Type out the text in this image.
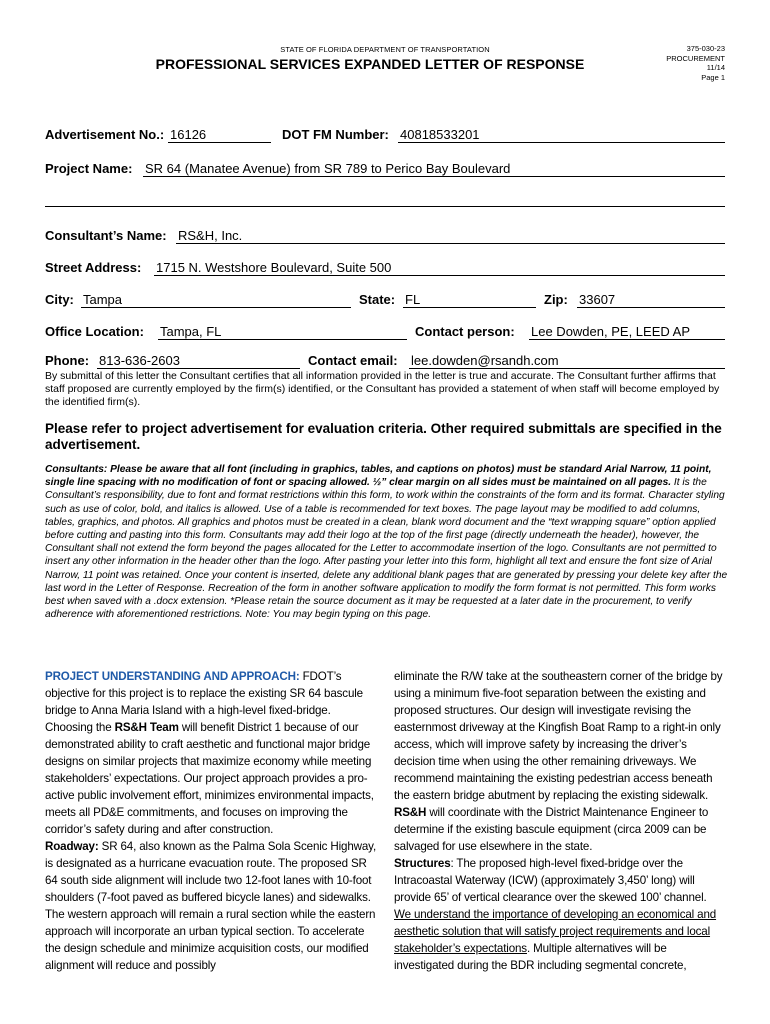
STATE OF FLORIDA DEPARTMENT OF TRANSPORTATION
PROFESSIONAL SERVICES EXPANDED LETTER OF RESPONSE
375-030-23
PROCUREMENT
11/14
Page 1
Advertisement No.: 16126	DOT FM Number: 40818533201
Project Name: SR 64 (Manatee Avenue) from SR 789 to Perico Bay Boulevard
Consultant’s Name: RS&H, Inc.
Street Address: 1715 N. Westshore Boulevard, Suite 500
City: Tampa	State: FL	Zip: 33607
Office Location: Tampa, FL	Contact person: Lee Dowden, PE, LEED AP
Phone: 813-636-2603	Contact email: lee.dowden@rsandh.com
By submittal of this letter the Consultant certifies that all information provided in the letter is true and accurate. The Consultant further affirms that staff proposed are currently employed by the firm(s) identified, or the Consultant has provided a statement of when staff will become employed by the identified firm(s).
Please refer to project advertisement for evaluation criteria. Other required submittals are specified in the advertisement.
Consultants: Please be aware that all font (including in graphics, tables, and captions on photos) must be standard Arial Narrow, 11 point, single line spacing with no modification of font or spacing allowed. ½” clear margin on all sides must be maintained on all pages. It is the Consultant’s responsibility, due to font and format restrictions within this form, to work within the constraints of the form and its format. Character styling such as use of color, bold, and italics is allowed. Use of a table is recommended for text boxes. The page layout may be modified to add columns, tables, graphics, and photos. All graphics and photos must be created in a clean, blank word document and the “text wrapping square” option applied before cutting and pasting into this form. Consultants may add their logo at the top of the first page (directly underneath the header), however, the Consultant shall not extend the form beyond the pages allocated for the Letter to accommodate insertion of the logo. Consultants are not permitted to insert any other information in the header other than the logo. After pasting your letter into this form, highlight all text and ensure the font size of Arial Narrow, 11 point was retained. Once your content is inserted, delete any additional blank pages that are generated by pressing your delete key after the last word in the Letter of Response. Recreation of the form in another software application to modify the form format is not permitted. This form works best when saved with a .docx extension. *Please retain the source document as it may be requested at a later date in the procurement, to verify adherence with aforementioned restrictions. Note: You may begin typing on this page.
PROJECT UNDERSTANDING AND APPROACH: FDOT’s objective for this project is to replace the existing SR 64 bascule bridge to Anna Maria Island with a high-level fixed-bridge. Choosing the RS&H Team will benefit District 1 because of our demonstrated ability to craft aesthetic and functional major bridge designs on similar projects that maximize economy while meeting stakeholders’ expectations. Our project approach provides a pro-active public involvement effort, minimizes environmental impacts, meets all PD&E commitments, and focuses on improving the corridor’s safety during and after construction.
Roadway: SR 64, also known as the Palma Sola Scenic Highway, is designated as a hurricane evacuation route. The proposed SR 64 south side alignment will include two 12-foot lanes with 10-foot shoulders (7-foot paved as buffered bicycle lanes) and sidewalks. The western approach will remain a rural section while the eastern approach will incorporate an urban typical section. To accelerate the design schedule and minimize acquisition costs, our modified alignment will reduce and possibly
eliminate the R/W take at the southeastern corner of the bridge by using a minimum five-foot separation between the existing and proposed structures. Our design will investigate revising the easternmost driveway at the Kingfish Boat Ramp to a right-in only access, which will improve safety by increasing the driver’s decision time when using the other remaining driveways. We recommend maintaining the existing pedestrian access beneath the eastern bridge abutment by replacing the existing sidewalk. RS&H will coordinate with the District Maintenance Engineer to determine if the existing bascule equipment (circa 2009 can be salvaged for use elsewhere in the state.
Structures: The proposed high-level fixed-bridge over the Intracoastal Waterway (ICW) (approximately 3,450’ long) will provide 65’ of vertical clearance over the skewed 100’ channel. We understand the importance of developing an economical and aesthetic solution that will satisfy project requirements and local stakeholder’s expectations. Multiple alternatives will be investigated during the BDR including segmental concrete,
